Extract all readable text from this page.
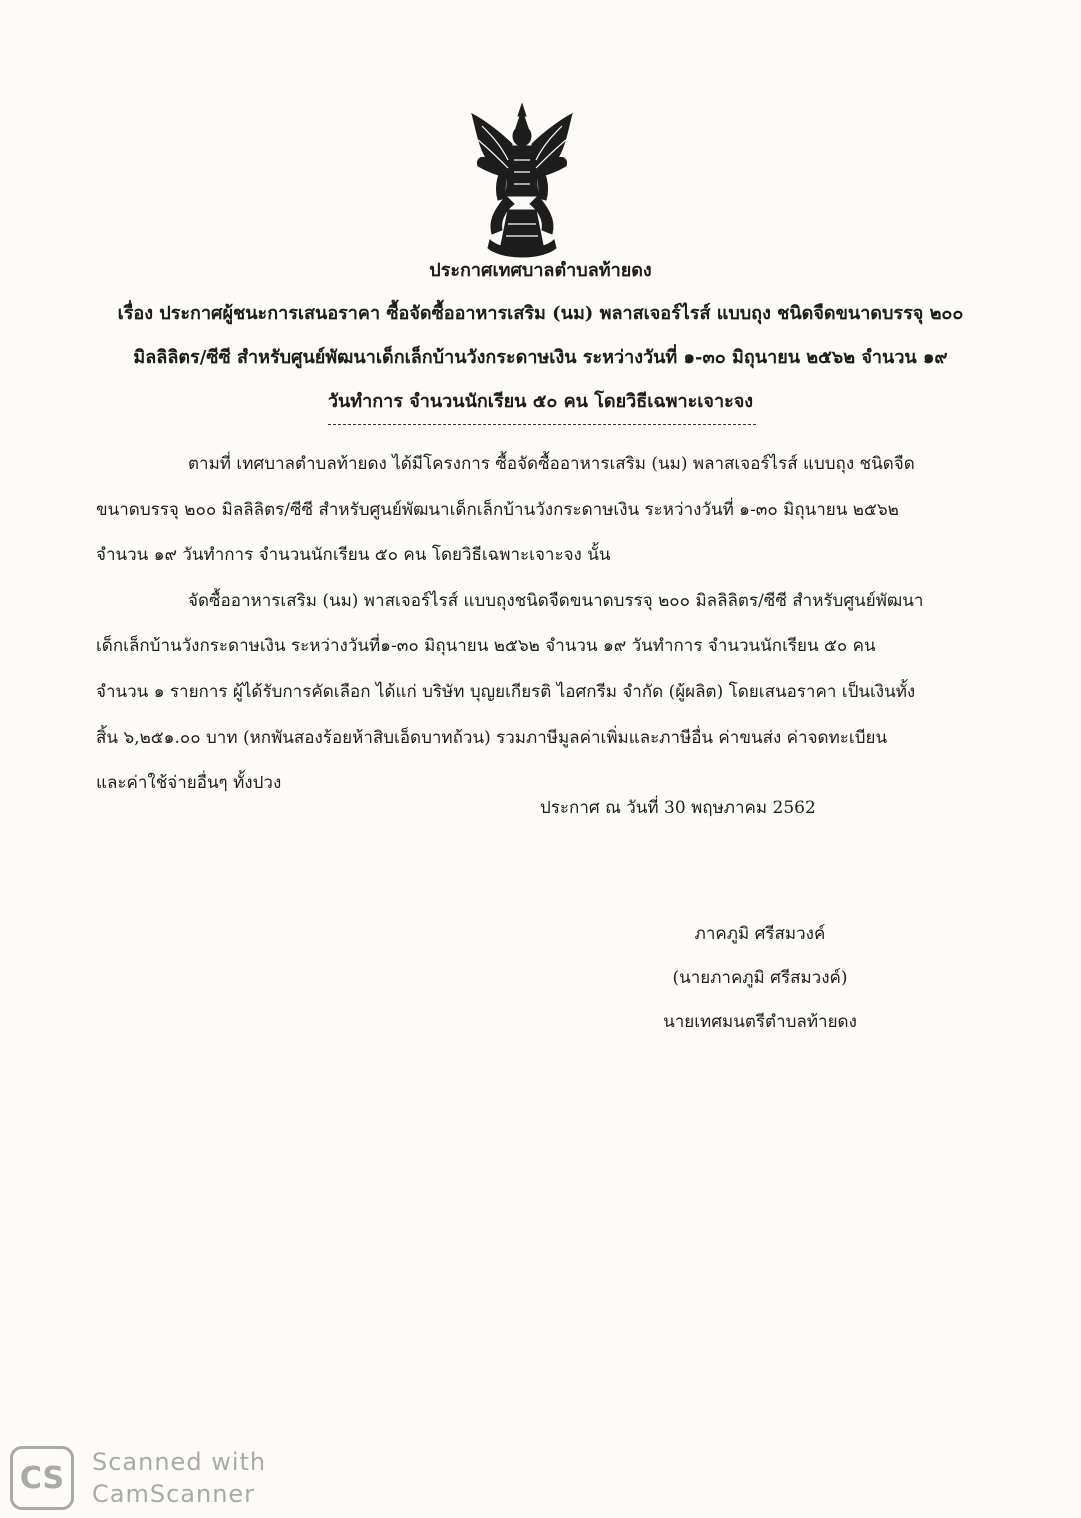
ประกาศเทศบาลตำบลท้ายดง
เรื่อง ประกาศผู้ชนะการเสนอราคา ซื้อจัดซื้ออาหารเสริม (นม) พลาสเจอร์ไรส์ แบบถุง ชนิดจืดขนาดบรรจุ ๒๐๐
มิลลิลิตร/ซีซี สำหรับศูนย์พัฒนาเด็กเล็กบ้านวังกระดาษเงิน ระหว่างวันที่ ๑-๓๐ มิถุนายน ๒๕๖๒ จำนวน ๑๙
วันทำการ จำนวนนักเรียน ๕๐ คน โดยวิธีเฉพาะเจาะจง
ตามที่ เทศบาลตำบลท้ายดง ได้มีโครงการ ซื้อจัดซื้ออาหารเสริม (นม) พลาสเจอร์ไรส์ แบบถุง ชนิดจืด
ขนาดบรรจุ ๒๐๐ มิลลิลิตร/ซีซี สำหรับศูนย์พัฒนาเด็กเล็กบ้านวังกระดาษเงิน ระหว่างวันที่ ๑-๓๐ มิถุนายน ๒๕๖๒
จำนวน ๑๙ วันทำการ จำนวนนักเรียน ๕๐ คน โดยวิธีเฉพาะเจาะจง นั้น
จัดซื้ออาหารเสริม (นม) พาสเจอร์ไรส์ แบบถุงชนิดจืดขนาดบรรจุ ๒๐๐ มิลลิลิตร/ซีซี สำหรับศูนย์พัฒนา
เด็กเล็กบ้านวังกระดาษเงิน ระหว่างวันที่๑-๓๐ มิถุนายน ๒๕๖๒ จำนวน ๑๙ วันทำการ จำนวนนักเรียน ๕๐ คน
จำนวน ๑ รายการ ผู้ได้รับการคัดเลือก ได้แก่ บริษัท บุญยเกียรติ ไอศกรีม จำกัด (ผู้ผลิต) โดยเสนอราคา เป็นเงินทั้ง
สิ้น ๖,๒๕๑.๐๐ บาท (หกพันสองร้อยห้าสิบเอ็ดบาทถ้วน) รวมภาษีมูลค่าเพิ่มและภาษีอื่น ค่าขนส่ง ค่าจดทะเบียน
และค่าใช้จ่ายอื่นๆ ทั้งปวง
ประกาศ ณ วันที่ 30 พฤษภาคม 2562
ภาคภูมิ ศรีสมวงค์
(นายภาคภูมิ ศรีสมวงค์)
นายเทศมนตรีตำบลท้ายดง
CS	Scanned with
CamScanner
